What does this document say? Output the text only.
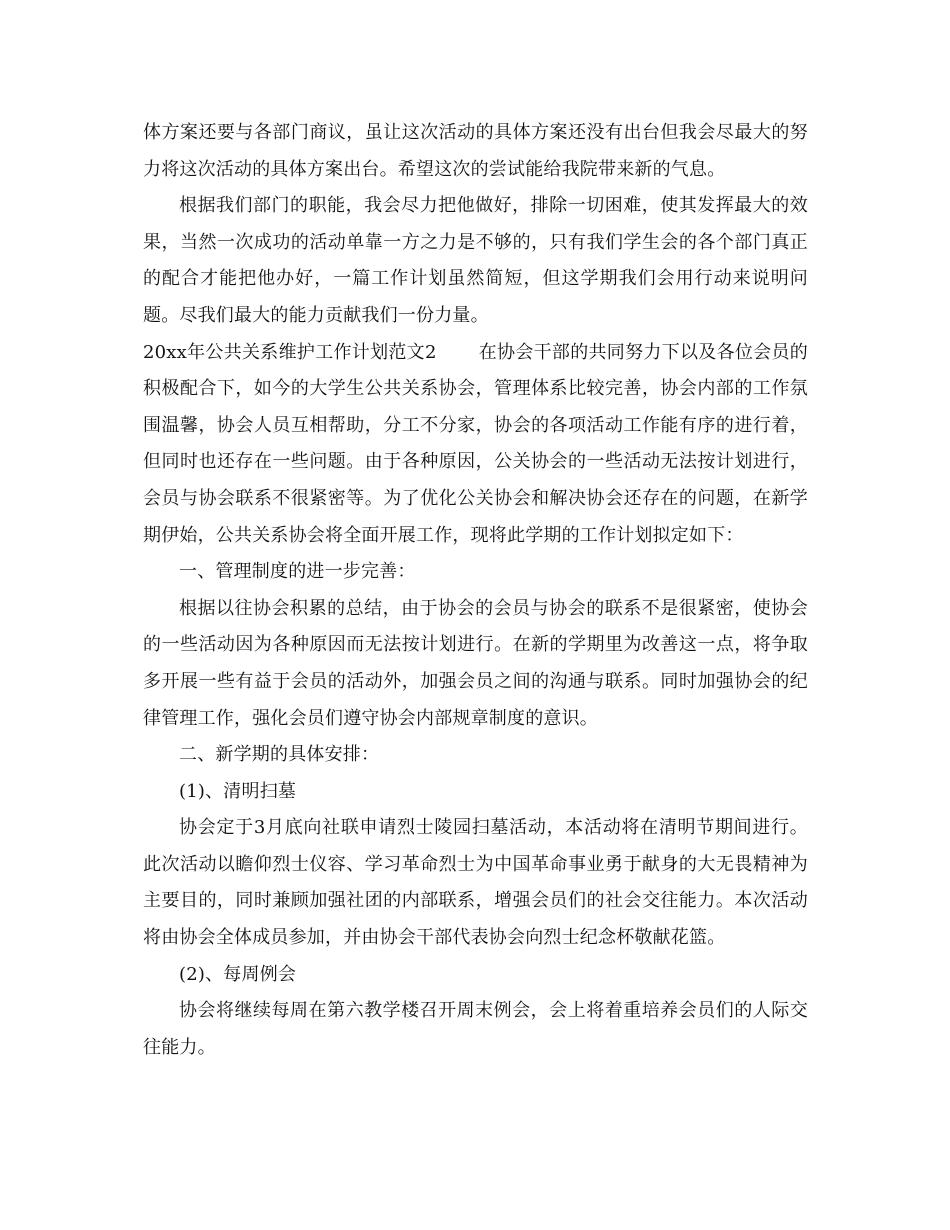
体方案还要与各部门商议，虽让这次活动的具体方案还没有出台但我会尽最大的努力将这次活动的具体方案出台。希望这次的尝试能给我院带来新的气息。

根据我们部门的职能，我会尽力把他做好，排除一切困难，使其发挥最大的效果，当然一次成功的活动单靠一方之力是不够的，只有我们学生会的各个部门真正的配合才能把他办好，一篇工作计划虽然简短，但这学期我们会用行动来说明问题。尽我们最大的能力贡献我们一份力量。

20xx年公共关系维护工作计划范文2 在协会干部的共同努力下以及各位会员的积极配合下，如今的大学生公共关系协会，管理体系比较完善，协会内部的工作氛围温馨，协会人员互相帮助，分工不分家，协会的各项活动工作能有序的进行着，但同时也还存在一些问题。由于各种原因，公关协会的一些活动无法按计划进行，会员与协会联系不很紧密等。为了优化公关协会和解决协会还存在的问题，在新学期伊始，公共关系协会将全面开展工作，现将此学期的工作计划拟定如下：

一、管理制度的进一步完善：

根据以往协会积累的总结，由于协会的会员与协会的联系不是很紧密，使协会的一些活动因为各种原因而无法按计划进行。在新的学期里为改善这一点，将争取多开展一些有益于会员的活动外，加强会员之间的沟通与联系。同时加强协会的纪律管理工作，强化会员们遵守协会内部规章制度的意识。

二、新学期的具体安排：

(1)、清明扫墓

协会定于3月底向社联申请烈士陵园扫墓活动，本活动将在清明节期间进行。此次活动以瞻仰烈士仪容、学习革命烈士为中国革命事业勇于献身的大无畏精神为主要目的，同时兼顾加强社团的内部联系，增强会员们的社会交往能力。本次活动将由协会全体成员参加，并由协会干部代表协会向烈士纪念杯敬献花篮。

(2)、每周例会

协会将继续每周在第六教学楼召开周末例会，会上将着重培养会员们的人际交往能力。
